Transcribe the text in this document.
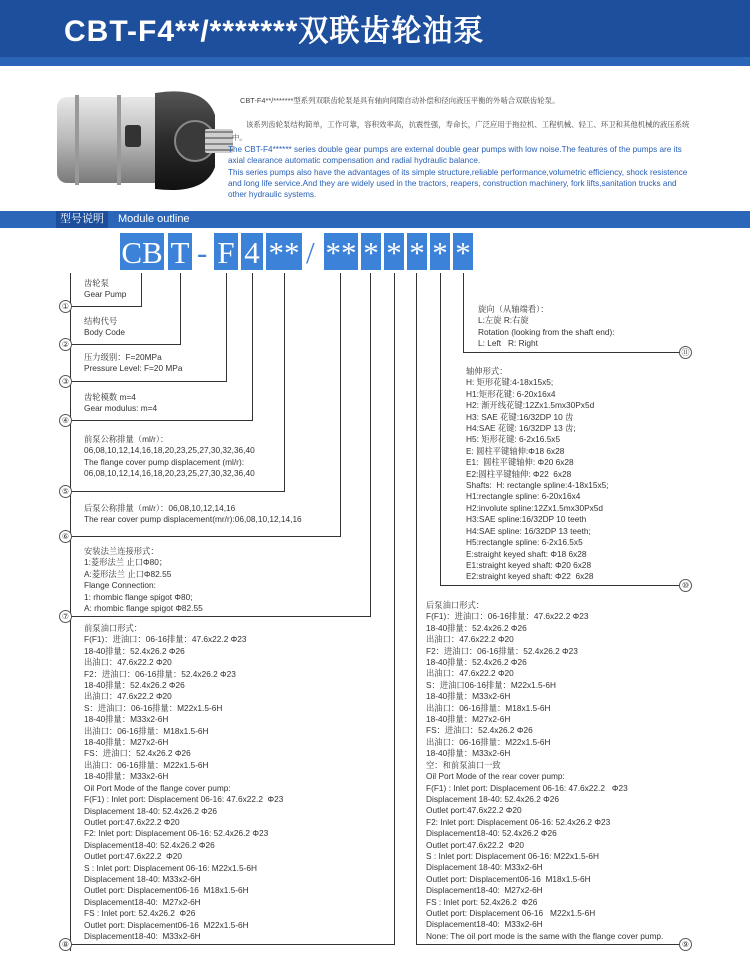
CBT-F4**/*******双联齿轮油泵
CBT-F4**/*******型系列双联齿轮泵是具有轴向间隙自动补偿和径向液压平衡的外啮合双联齿轮泵。
该系列齿轮泵结构简单，工作可靠，容积效率高，抗震性强，寿命长，广泛应用于拖拉机、工程机械、轻工、环卫和其他机械的液压系统中。
The CBT-F4****** series double gear pumps are external double gear pumps with low noise.The features of the pumps are its axial clearance automatic compensation and radial hydraulic balance.
This series pumps also have the advantages of its simple structure,reliable performance,volumetric efficiency, shock resistence and long life service.And they are widely used in the tractors, reapers, construction machinery, fork lifts,sanitation trucks and other hydraulic systems.
型号说明	Module outline
CB T - F 4 ** / ** * * * * *
①
齿轮泵
Gear Pump
②
结构代号
Body Code
③
压力级别：F=20MPa
Pressure Level: F=20 MPa
④
齿轮模数 m=4
Gear modulus: m=4
⑤
前泵公称排量（ml/r）：
06,08,10,12,14,16,18,20,23,25,27,30,32,36,40
The flange cover pump displacement (ml/r):
06,08,10,12,14,16,18,20,23,25,27,30,32,36,40
⑥
后泵公称排量（ml/r）：06,08,10,12,14,16
The rear cover pump displacement(mr/r):06,08,10,12,14,16
⑦
安装法兰连接形式：
1:菱形法兰 止口Φ80；
A:菱形法兰 止口Φ82.55
Flange Connection:
1: rhombic flange spigot Φ80;
A: rhombic flange spigot Φ82.55
⑧
前泵油口形式：
F(F1)：进油口：06-16排量：47.6x22.2 Φ23
18-40排量：52.4x26.2 Φ26
出油口：47.6x22.2 Φ20
F2：进油口：06-16排量：52.4x26.2 Φ23
18-40排量：52.4x26.2 Φ26
出油口：47.6x22.2 Φ20
S：进油口：06-16排量：M22x1.5-6H
18-40排量：M33x2-6H
出油口：06-16排量：M18x1.5-6H
18-40排量：M27x2-6H
FS：进油口：52.4x26.2 Φ26
出油口：06-16排量：M22x1.5-6H
18-40排量：M33x2-6H
Oil Port Mode of the flange cover pump:
F(F1) : Inlet port: Displacement 06-16: 47.6x22.2  Φ23
Displacement 18-40: 52.4x26.2 Φ26
Outlet port:47.6x22.2 Φ20
F2: Inlet port: Displacement 06-16: 52.4x26.2 Φ23
Displacement18-40: 52.4x26.2 Φ26
Outlet port:47.6x22.2  Φ20
S : Inlet port: Displacement 06-16: M22x1.5-6H
Displacement 18-40: M33x2-6H
Outlet port: Displacement06-16  M18x1.5-6H
Displacement18-40:  M27x2-6H
FS : Inlet port: 52.4x26.2  Φ26
Outlet port: Displacement06-16  M22x1.5-6H
Displacement18-40:  M33x2-6H
⑨
后泵油口形式：
F(F1)：进油口：06-16排量：47.6x22.2 Φ23
18-40排量：52.4x26.2 Φ26
出油口：47.6x22.2 Φ20
F2：进油口：06-16排量：52.4x26.2 Φ23
18-40排量：52.4x26.2 Φ26
出油口：47.6x22.2 Φ20
S：进油口06-16排量：M22x1.5-6H
18-40排量：M33x2-6H
出油口：06-16排量：M18x1.5-6H
18-40排量：M27x2-6H
FS：进油口：52.4x26.2 Φ26
出油口：06-16排量：M22x1.5-6H
18-40排量：M33x2-6H
空：和前泵油口一致
Oil Port Mode of the rear cover pump:
F(F1) : Inlet port: Displacement 06-16: 47.6x22.2   Φ23
Displacement 18-40: 52.4x26.2 Φ26
Outlet port:47.6x22.2 Φ20
F2: Inlet port: Displacement 06-16: 52.4x26.2 Φ23
Displacement18-40: 52.4x26.2 Φ26
Outlet port:47.6x22.2  Φ20
S : Inlet port: Displacement 06-16: M22x1.5-6H
Displacement 18-40: M33x2-6H
Outlet port: Displacement06-16  M18x1.5-6H
Displacement18-40:  M27x2-6H
FS : Inlet port: 52.4x26.2  Φ26
Outlet port: Displacement 06-16   M22x1.5-6H
Displacement18-40:  M33x2-6H
None: The oil port mode is the same with the flange cover pump.
⑩
轴伸形式：
H: 矩形花键:4-18x15x5;
H1:矩形花键: 6-20x16x4
H2: 渐开线花键:12Zx1.5mx30Px5d
H3: SAE 花键:16/32DP 10 齿
H4:SAE 花键: 16/32DP 13 齿;
H5: 矩形花键: 6-2x16.5x5
E: 圆柱平键轴伸:Φ18 6x28
E1:  圆柱平键轴伸: Φ20 6x28
E2:圆柱平键轴伸: Φ22  6x28
Shafts:  H: rectangle spline:4-18x15x5;
H1:rectangle spline: 6-20x16x4
H2:involute spline:12Zx1.5mx30Px5d
H3:SAE spline:16/32DP 10 teeth
H4:SAE spline: 16/32DP 13 teeth;
H5:rectangle spline: 6-2x16.5x5
E:straight keyed shaft: Φ18 6x28
E1:straight keyed shaft: Φ20 6x28
E2:straight keyed shaft: Φ22  6x28
⑪
旋向（从轴端看）：
L:左旋 R:右旋
Rotation (looking from the shaft end):
L: Left   R: Right
